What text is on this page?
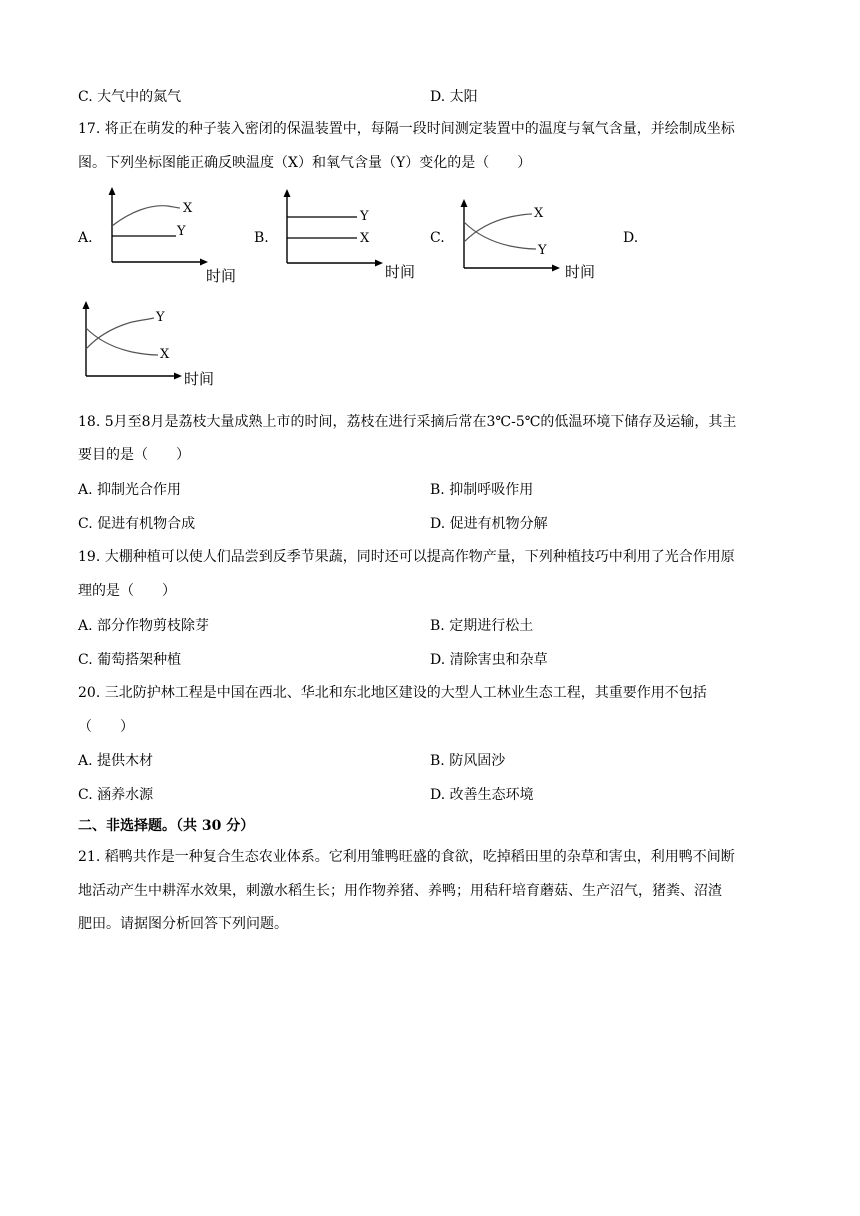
C. 大气中的氮气	D. 太阳
17. 将正在萌发的种子装入密闭的保温装置中，每隔一段时间测定装置中的温度与氧气含量，并绘制成坐标
图。下列坐标图能正确反映温度（X）和氧气含量（Y）变化的是（　　）
A.	B.	C.	D.
X
Y
时间
Y
X
时间
X
Y
时间
Y
X
时间
18. 5月至8月是荔枝大量成熟上市的时间，荔枝在进行采摘后常在3℃-5℃的低温环境下储存及运输，其主
要目的是（　　）
A. 抑制光合作用	B. 抑制呼吸作用
C. 促进有机物合成	D. 促进有机物分解
19. 大棚种植可以使人们品尝到反季节果蔬，同时还可以提高作物产量，下列种植技巧中利用了光合作用原
理的是（　　）
A. 部分作物剪枝除芽	B. 定期进行松土
C. 葡萄搭架种植	D. 清除害虫和杂草
20. 三北防护林工程是中国在西北、华北和东北地区建设的大型人工林业生态工程，其重要作用不包括
（　　）
A. 提供木材	B. 防风固沙
C. 涵养水源	D. 改善生态环境
二、非选择题。（共 30 分）
21. 稻鸭共作是一种复合生态农业体系。它利用雏鸭旺盛的食欲，吃掉稻田里的杂草和害虫，利用鸭不间断
地活动产生中耕浑水效果，刺激水稻生长；用作物养猪、养鸭；用秸秆培育蘑菇、生产沼气，猪粪、沼渣
肥田。请据图分析回答下列问题。
